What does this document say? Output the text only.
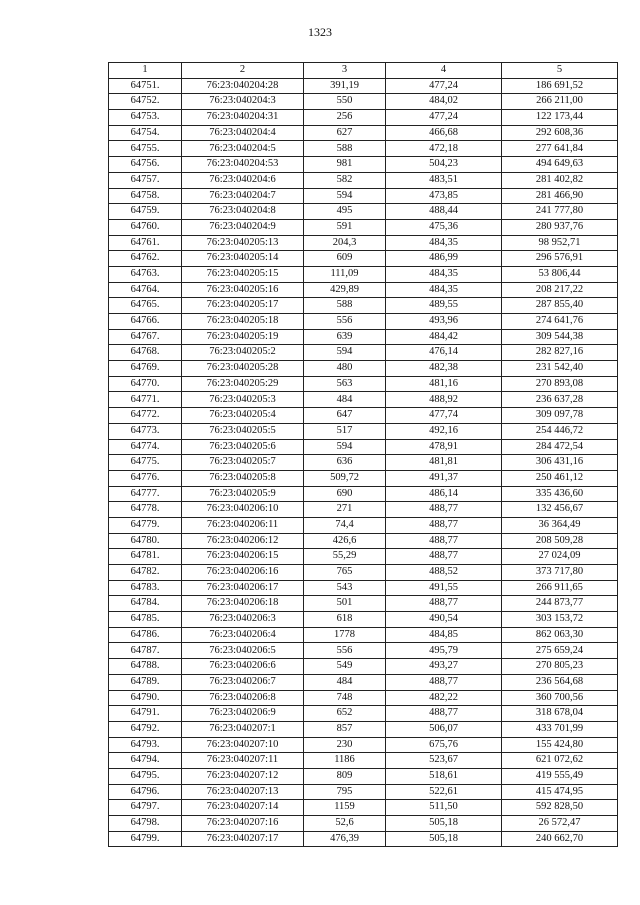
1323
1	2	3	4	5
64751.	76:23:040204:28	391,19	477,24	186 691,52
64752.	76:23:040204:3	550	484,02	266 211,00
64753.	76:23:040204:31	256	477,24	122 173,44
64754.	76:23:040204:4	627	466,68	292 608,36
64755.	76:23:040204:5	588	472,18	277 641,84
64756.	76:23:040204:53	981	504,23	494 649,63
64757.	76:23:040204:6	582	483,51	281 402,82
64758.	76:23:040204:7	594	473,85	281 466,90
64759.	76:23:040204:8	495	488,44	241 777,80
64760.	76:23:040204:9	591	475,36	280 937,76
64761.	76:23:040205:13	204,3	484,35	98 952,71
64762.	76:23:040205:14	609	486,99	296 576,91
64763.	76:23:040205:15	111,09	484,35	53 806,44
64764.	76:23:040205:16	429,89	484,35	208 217,22
64765.	76:23:040205:17	588	489,55	287 855,40
64766.	76:23:040205:18	556	493,96	274 641,76
64767.	76:23:040205:19	639	484,42	309 544,38
64768.	76:23:040205:2	594	476,14	282 827,16
64769.	76:23:040205:28	480	482,38	231 542,40
64770.	76:23:040205:29	563	481,16	270 893,08
64771.	76:23:040205:3	484	488,92	236 637,28
64772.	76:23:040205:4	647	477,74	309 097,78
64773.	76:23:040205:5	517	492,16	254 446,72
64774.	76:23:040205:6	594	478,91	284 472,54
64775.	76:23:040205:7	636	481,81	306 431,16
64776.	76:23:040205:8	509,72	491,37	250 461,12
64777.	76:23:040205:9	690	486,14	335 436,60
64778.	76:23:040206:10	271	488,77	132 456,67
64779.	76:23:040206:11	74,4	488,77	36 364,49
64780.	76:23:040206:12	426,6	488,77	208 509,28
64781.	76:23:040206:15	55,29	488,77	27 024,09
64782.	76:23:040206:16	765	488,52	373 717,80
64783.	76:23:040206:17	543	491,55	266 911,65
64784.	76:23:040206:18	501	488,77	244 873,77
64785.	76:23:040206:3	618	490,54	303 153,72
64786.	76:23:040206:4	1778	484,85	862 063,30
64787.	76:23:040206:5	556	495,79	275 659,24
64788.	76:23:040206:6	549	493,27	270 805,23
64789.	76:23:040206:7	484	488,77	236 564,68
64790.	76:23:040206:8	748	482,22	360 700,56
64791.	76:23:040206:9	652	488,77	318 678,04
64792.	76:23:040207:1	857	506,07	433 701,99
64793.	76:23:040207:10	230	675,76	155 424,80
64794.	76:23:040207:11	1186	523,67	621 072,62
64795.	76:23:040207:12	809	518,61	419 555,49
64796.	76:23:040207:13	795	522,61	415 474,95
64797.	76:23:040207:14	1159	511,50	592 828,50
64798.	76:23:040207:16	52,6	505,18	26 572,47
64799.	76:23:040207:17	476,39	505,18	240 662,70
